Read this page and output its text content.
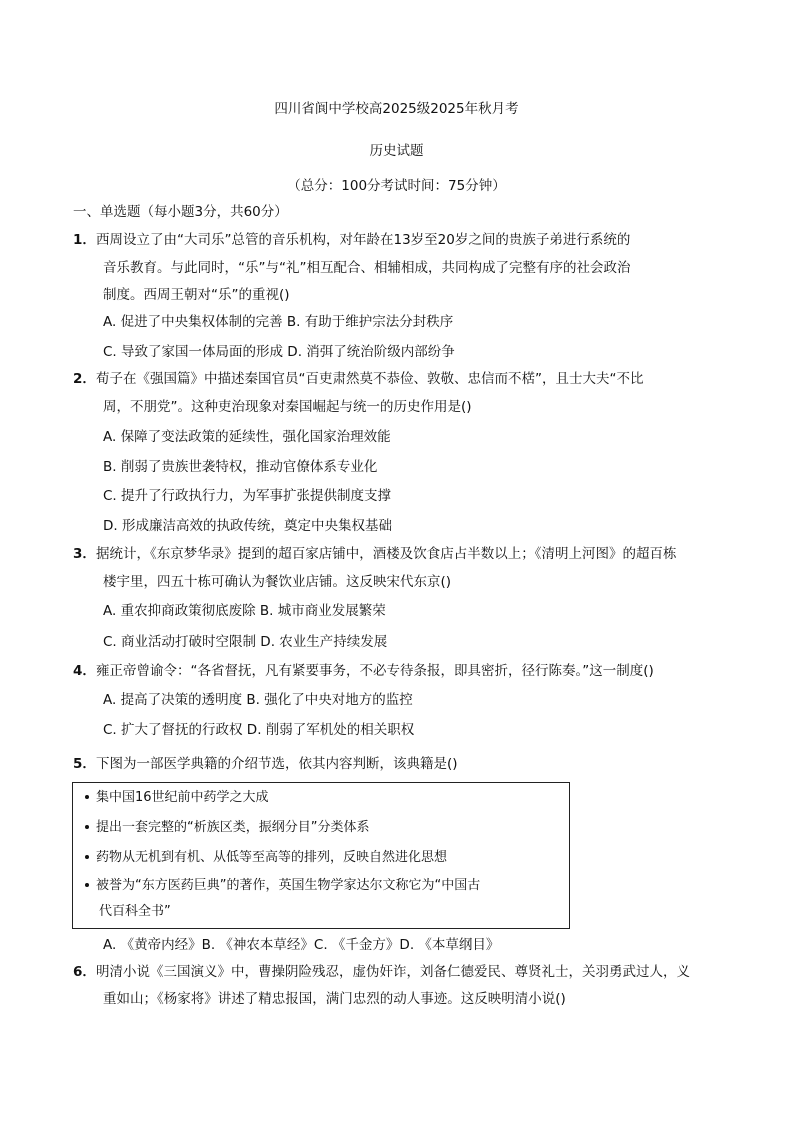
四川省阆中学校高2025级2025年秋月考
历史试题
（总分：100分考试时间：75分钟）
一、单选题（每小题3分，共60分）
1． 西周设立了由“大司乐”总管的音乐机构，对年龄在13岁至20岁之间的贵族子弟进行系统的
音乐教育。与此同时，“乐”与“礼”相互配合、相辅相成，共同构成了完整有序的社会政治
制度。西周王朝对“乐”的重视()
A. 促进了中央集权体制的完善 B. 有助于维护宗法分封秩序
C. 导致了家国一体局面的形成 D. 消弭了统治阶级内部纷争
2． 荀子在《强国篇》中描述秦国官员“百吏肃然莫不恭俭、敦敬、忠信而不楛”，且士大夫“不比
周，不朋党”。这种吏治现象对秦国崛起与统一的历史作用是()
A. 保障了变法政策的延续性，强化国家治理效能
B. 削弱了贵族世袭特权，推动官僚体系专业化
C. 提升了行政执行力，为军事扩张提供制度支撑
D. 形成廉洁高效的执政传统，奠定中央集权基础
3． 据统计，《东京梦华录》提到的超百家店铺中，酒楼及饮食店占半数以上；《清明上河图》的超百栋
楼宇里，四五十栋可确认为餐饮业店铺。这反映宋代东京()
A. 重农抑商政策彻底废除 B. 城市商业发展繁荣
C. 商业活动打破时空限制 D. 农业生产持续发展
4． 雍正帝曾谕令：“各省督抚，凡有紧要事务，不必专待条报，即具密折，径行陈奏。”这一制度()
A. 提高了决策的透明度 B. 强化了中央对地方的监控
C. 扩大了督抚的行政权 D. 削弱了军机处的相关职权
5． 下图为一部医学典籍的介绍节选，依其内容判断，该典籍是()
集中国16世纪前中药学之大成
提出一套完整的“析族区类，振纲分目”分类体系
药物从无机到有机、从低等至高等的排列，反映自然进化思想
被誉为“东方医药巨典”的著作，英国生物学家达尔文称它为“中国古
代百科全书”
A. 《黄帝内经》B. 《神农本草经》C. 《千金方》D. 《本草纲目》
6． 明清小说《三国演义》中，曹操阴险残忍，虚伪奸诈，刘备仁德爱民、尊贤礼士，关羽勇武过人，义
重如山；《杨家将》讲述了精忠报国，满门忠烈的动人事迹。这反映明清小说()
